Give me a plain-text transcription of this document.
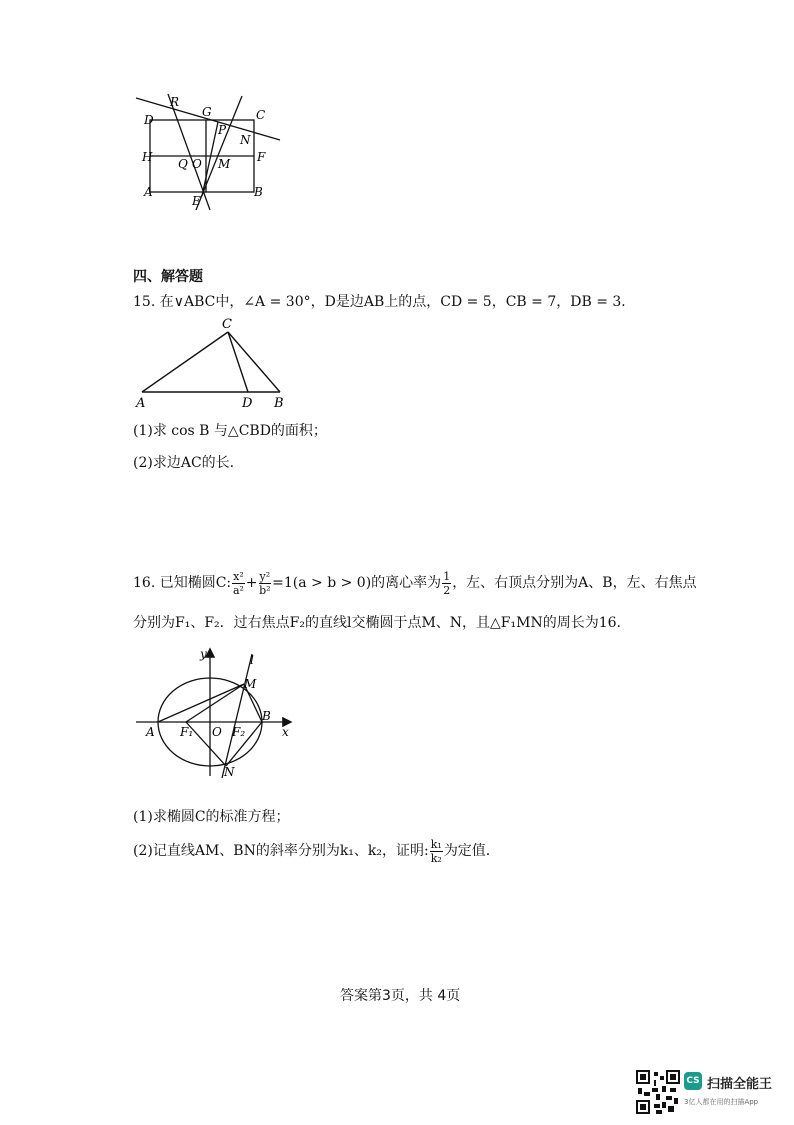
R
G	C
D
P
N
H Q O M F
A	B
E
四、解答题
15. 在∨ABC中，∠A = 30°，D是边AB上的点，CD = 5，CB = 7，DB = 3．
C
A	D B
(1)求 cos B 与△CBD的面积；
(2)求边AC的长.
16. 已知椭圆C: $\frac{\text{x²}}{\text{a²}} + \frac{\text{y²}}{\text{b²}} =1(a > b > 0)$的离心率为 $\frac{1}{2}$ ，左、右顶点分别为A、B，左、右焦点
分别为F₁、F₂．过右焦点F₂的直线l交椭圆于点M、N，且△F₁MN的周长为16.
y	l
M
B
A F₁ O F₂	x
N
(1)求椭圆C的标准方程；
(2)记直线AM、BN的斜率分别为k₁、k₂，证明: $\frac{\text{k₁}}{\text{k₂}}$ 为定值.
答案第3页，共 4页
CS 扫描全能王
3亿人都在用的扫描App
